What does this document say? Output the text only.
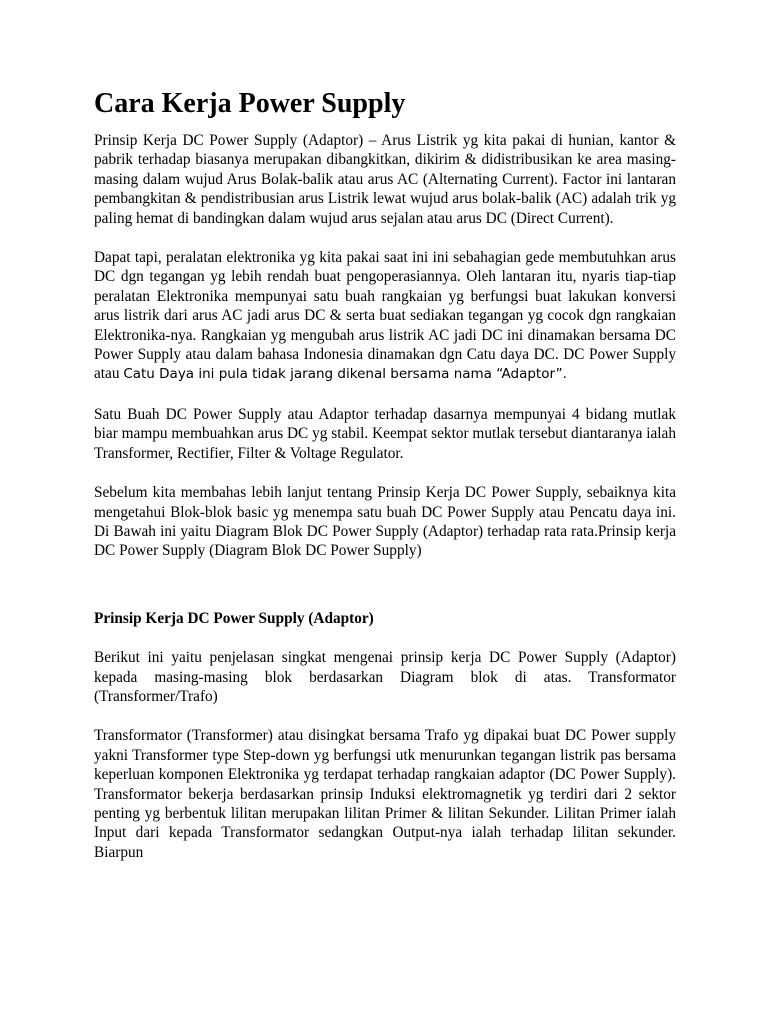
Cara Kerja Power Supply

Prinsip Kerja DC Power Supply (Adaptor) – Arus Listrik yg kita pakai di hunian, kantor & pabrik terhadap biasanya merupakan dibangkitkan, dikirim & didistribusikan ke area masing-masing dalam wujud Arus Bolak-balik atau arus AC (Alternating Current). Factor ini lantaran pembangkitan & pendistribusian arus Listrik lewat wujud arus bolak-balik (AC) adalah trik yg paling hemat di bandingkan dalam wujud arus sejalan atau arus DC (Direct Current).

Dapat tapi, peralatan elektronika yg kita pakai saat ini ini sebahagian gede membutuhkan arus DC dgn tegangan yg lebih rendah buat pengoperasiannya. Oleh lantaran itu, nyaris tiap-tiap peralatan Elektronika mempunyai satu buah rangkaian yg berfungsi buat lakukan konversi arus listrik dari arus AC jadi arus DC & serta buat sediakan tegangan yg cocok dgn rangkaian Elektronika-nya. Rangkaian yg mengubah arus listrik AC jadi DC ini dinamakan bersama DC Power Supply atau dalam bahasa Indonesia dinamakan dgn Catu daya DC. DC Power Supply atau Catu Daya ini pula tidak jarang dikenal bersama nama “Adaptor”.

Satu Buah DC Power Supply atau Adaptor terhadap dasarnya mempunyai 4 bidang mutlak biar mampu membuahkan arus DC yg stabil. Keempat sektor mutlak tersebut diantaranya ialah Transformer, Rectifier, Filter & Voltage Regulator.

Sebelum kita membahas lebih lanjut tentang Prinsip Kerja DC Power Supply, sebaiknya kita mengetahui Blok-blok basic yg menempa satu buah DC Power Supply atau Pencatu daya ini. Di Bawah ini yaitu Diagram Blok DC Power Supply (Adaptor) terhadap rata rata.Prinsip kerja DC Power Supply (Diagram Blok DC Power Supply)

Prinsip Kerja DC Power Supply (Adaptor)

Berikut ini yaitu penjelasan singkat mengenai prinsip kerja DC Power Supply (Adaptor) kepada masing-masing blok berdasarkan Diagram blok di atas. Transformator (Transformer/Trafo)

Transformator (Transformer) atau disingkat bersama Trafo yg dipakai buat DC Power supply yakni Transformer type Step-down yg berfungsi utk menurunkan tegangan listrik pas bersama keperluan komponen Elektronika yg terdapat terhadap rangkaian adaptor (DC Power Supply). Transformator bekerja berdasarkan prinsip Induksi elektromagnetik yg terdiri dari 2 sektor penting yg berbentuk lilitan merupakan lilitan Primer & lilitan Sekunder. Lilitan Primer ialah Input dari kepada Transformator sedangkan Output-nya ialah terhadap lilitan sekunder. Biarpun
